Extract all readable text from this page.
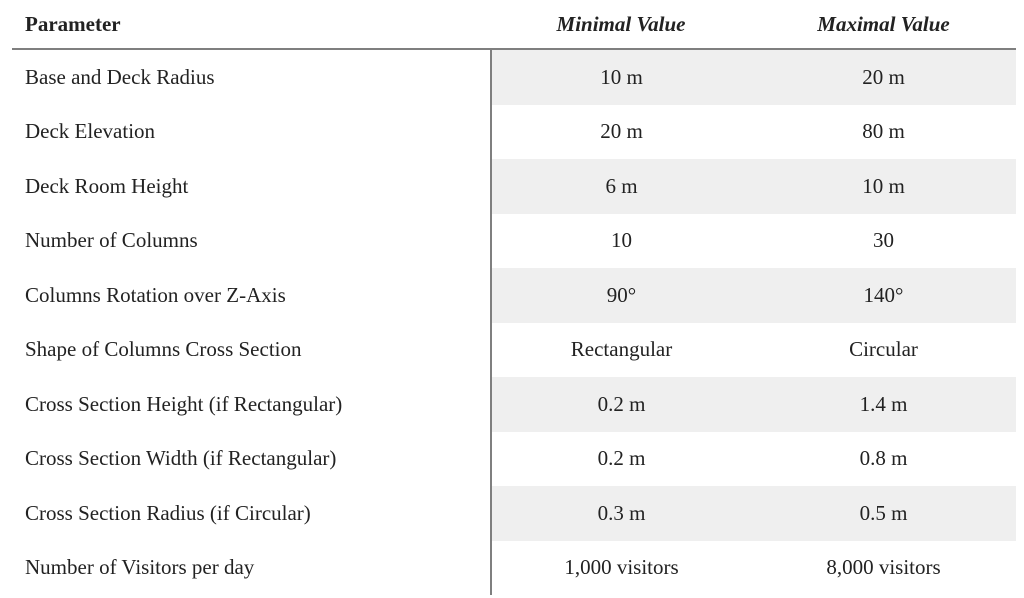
Parameter	Minimal Value	Maximal Value
Base and Deck Radius	10 m	20 m
Deck Elevation	20 m	80 m
Deck Room Height	6 m	10 m
Number of Columns	10	30
Columns Rotation over Z-Axis	90°	140°
Shape of Columns Cross Section	Rectangular	Circular
Cross Section Height (if Rectangular)	0.2 m	1.4 m
Cross Section Width (if Rectangular)	0.2 m	0.8 m
Cross Section Radius (if Circular)	0.3 m	0.5 m
Number of Visitors per day	1,000 visitors	8,000 visitors
